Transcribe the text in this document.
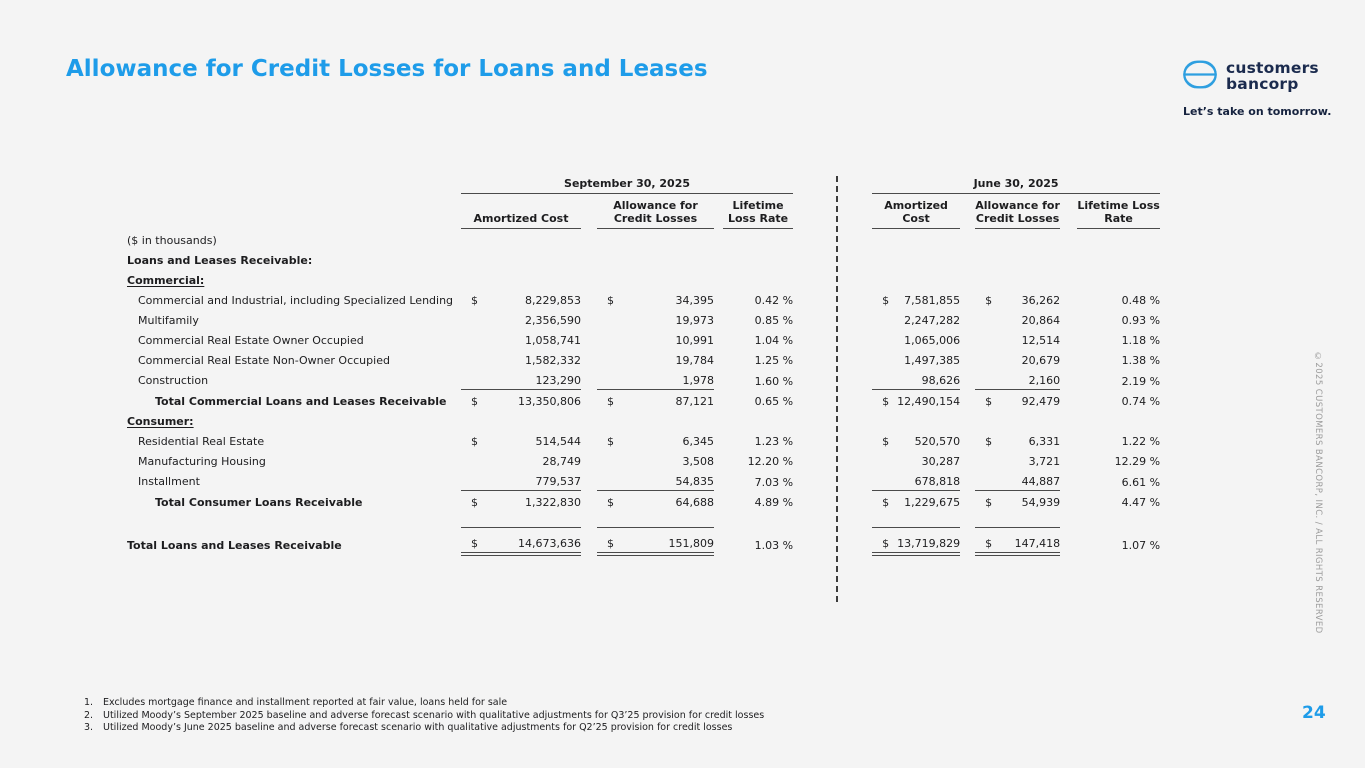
Allowance for Credit Losses for Loans and Leases	customers
bancorp
Let’s take on tomorrow.
	September 30, 2025								June 30, 2025						
	Amortized Cost			Allowance for Credit Losses			Lifetime Loss Rate		Amortized Cost			Allowance for Credit Losses			Lifetime Loss Rate
($ in thousands)															
Loans and Leases Receivable:															
Commercial:															
Commercial and Industrial, including Specialized Lending	$	8,229,853		$	34,395		0.42 %		$	7,581,855		$	36,262		0.48 %
Multifamily		2,356,590			19,973		0.85 %			2,247,282			20,864		0.93 %
Commercial Real Estate Owner Occupied		1,058,741			10,991		1.04 %			1,065,006			12,514		1.18 %
Commercial Real Estate Non-Owner Occupied		1,582,332			19,784		1.25 %			1,497,385			20,679		1.38 %
Construction		123,290			1,978		1.60 %			98,626			2,160		2.19 %
Total Commercial Loans and Leases Receivable	$	13,350,806		$	87,121		0.65 %		$	12,490,154		$	92,479		0.74 %
Consumer:															
Residential Real Estate	$	514,544		$	6,345		1.23 %		$	520,570		$	6,331		1.22 %
Manufacturing Housing		28,749			3,508		12.20 %			30,287			3,721		12.29 %
Installment		779,537			54,835		7.03 %			678,818			44,887		6.61 %
Total Consumer Loans Receivable	$	1,322,830		$	64,688		4.89 %		$	1,229,675		$	54,939		4.47 %

Total Loans and Leases Receivable	$	14,673,636		$	151,809		1.03 %		$	13,719,829		$	147,418		1.07 %
1.	Excludes mortgage finance and installment reported at fair value, loans held for sale
2.	Utilized Moody’s September 2025 baseline and adverse forecast scenario with qualitative adjustments for Q3’25 provision for credit losses
3.	Utilized Moody’s June 2025 baseline and adverse forecast scenario with qualitative adjustments for Q2’25 provision for credit losses
©2025 CUSTOMERS BANCORP, INC. / ALL RIGHTS RESERVED
24
